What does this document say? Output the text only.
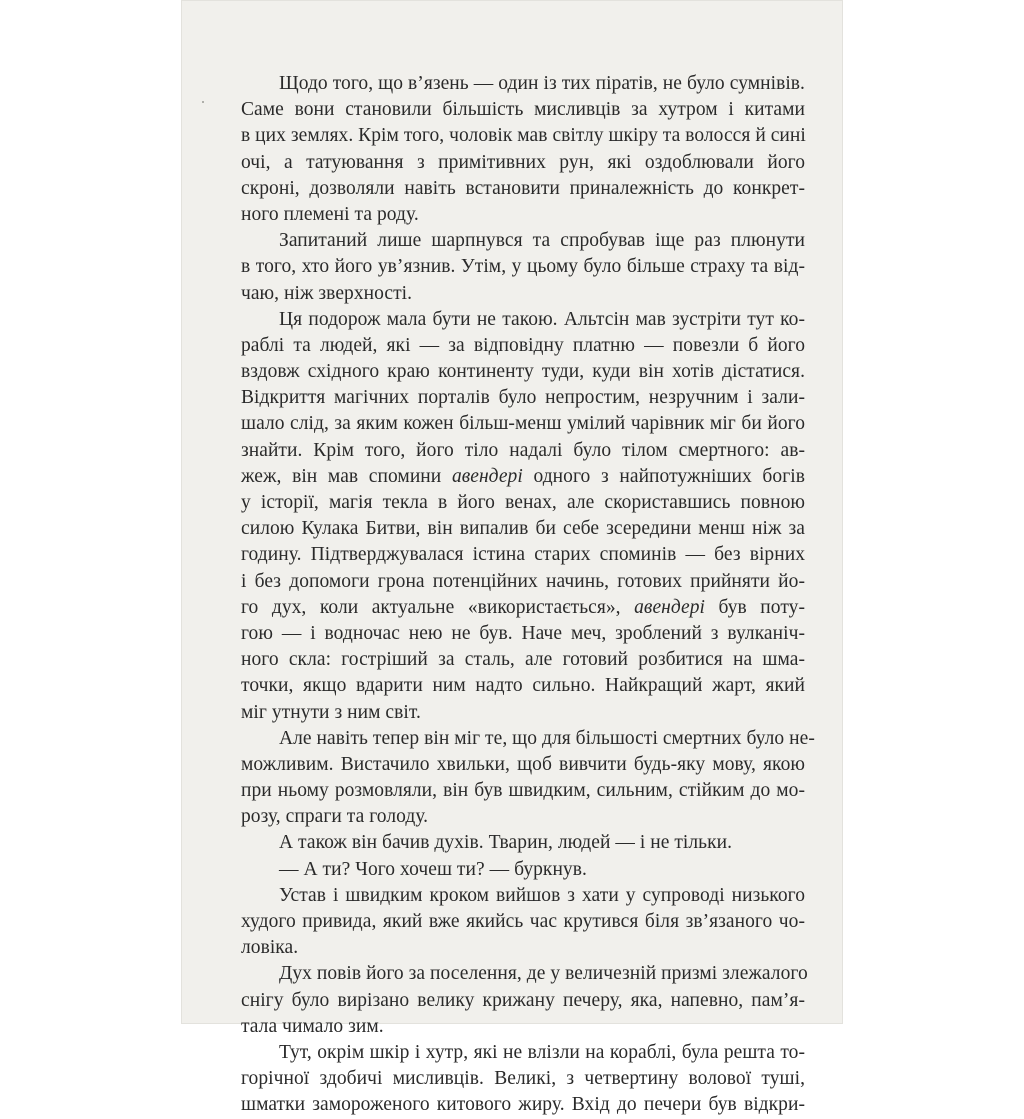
Щодо того, що в’язень — один із тих піратів, не було сумнівів.
Саме вони становили більшість мисливців за хутром і китами
в цих землях. Крім того, чоловік мав світлу шкіру та волосся й сині
очі, а татуювання з примітивних рун, які оздоблювали його
скроні, дозволяли навіть встановити приналежність до конкрет-
ного племені та роду.
Запитаний лише шарпнувся та спробував іще раз плюнути
в того, хто його ув’язнив. Утім, у цьому було більше страху та від-
чаю, ніж зверхності.
Ця подорож мала бути не такою. Альтсін мав зустріти тут ко-
раблі та людей, які — за відповідну платню — повезли б його
вздовж східного краю континенту туди, куди він хотів дістатися.
Відкриття магічних порталів було непростим, незручним і зали-
шало слід, за яким кожен більш-менш умілий чарівник міг би його
знайти. Крім того, його тіло надалі було тілом смертного: ав-
жеж, він мав спомини авендері одного з найпотужніших богів
у історії, магія текла в його венах, але скориставшись повною
силою Кулака Битви, він випалив би себе зсередини менш ніж за
годину. Підтверджувалася істина старих споминів — без вірних
і без допомоги грона потенційних начинь, готових прийняти йо-
го дух, коли актуальне «використається», авендері був поту-
гою — і водночас нею не був. Наче меч, зроблений з вулканіч-
ного скла: гостріший за сталь, але готовий розбитися на шма-
точки, якщо вдарити ним надто сильно. Найкращий жарт, який
міг утнути з ним світ.
Але навіть тепер він міг те, що для більшості смертних було не-
можливим. Вистачило хвильки, щоб вивчити будь-яку мову, якою
при ньому розмовляли, він був швидким, сильним, стійким до мо-
розу, спраги та голоду.
А також він бачив духів. Тварин, людей — і не тільки.
— А ти? Чого хочеш ти? — буркнув.
Устав і швидким кроком вийшов з хати у супроводі низького
худого привида, який вже якийсь час крутився біля зв’язаного чо-
ловіка.
Дух повів його за поселення, де у величезній призмі злежалого
снігу було вирізано велику крижану печеру, яка, напевно, пам’я-
тала чимало зим.
Тут, окрім шкір і хутр, які не влізли на кораблі, була решта то-
горічної здобичі мисливців. Великі, з четвертину волової туші,
шматки замороженого китового жиру. Вхід до печери був відкри-
